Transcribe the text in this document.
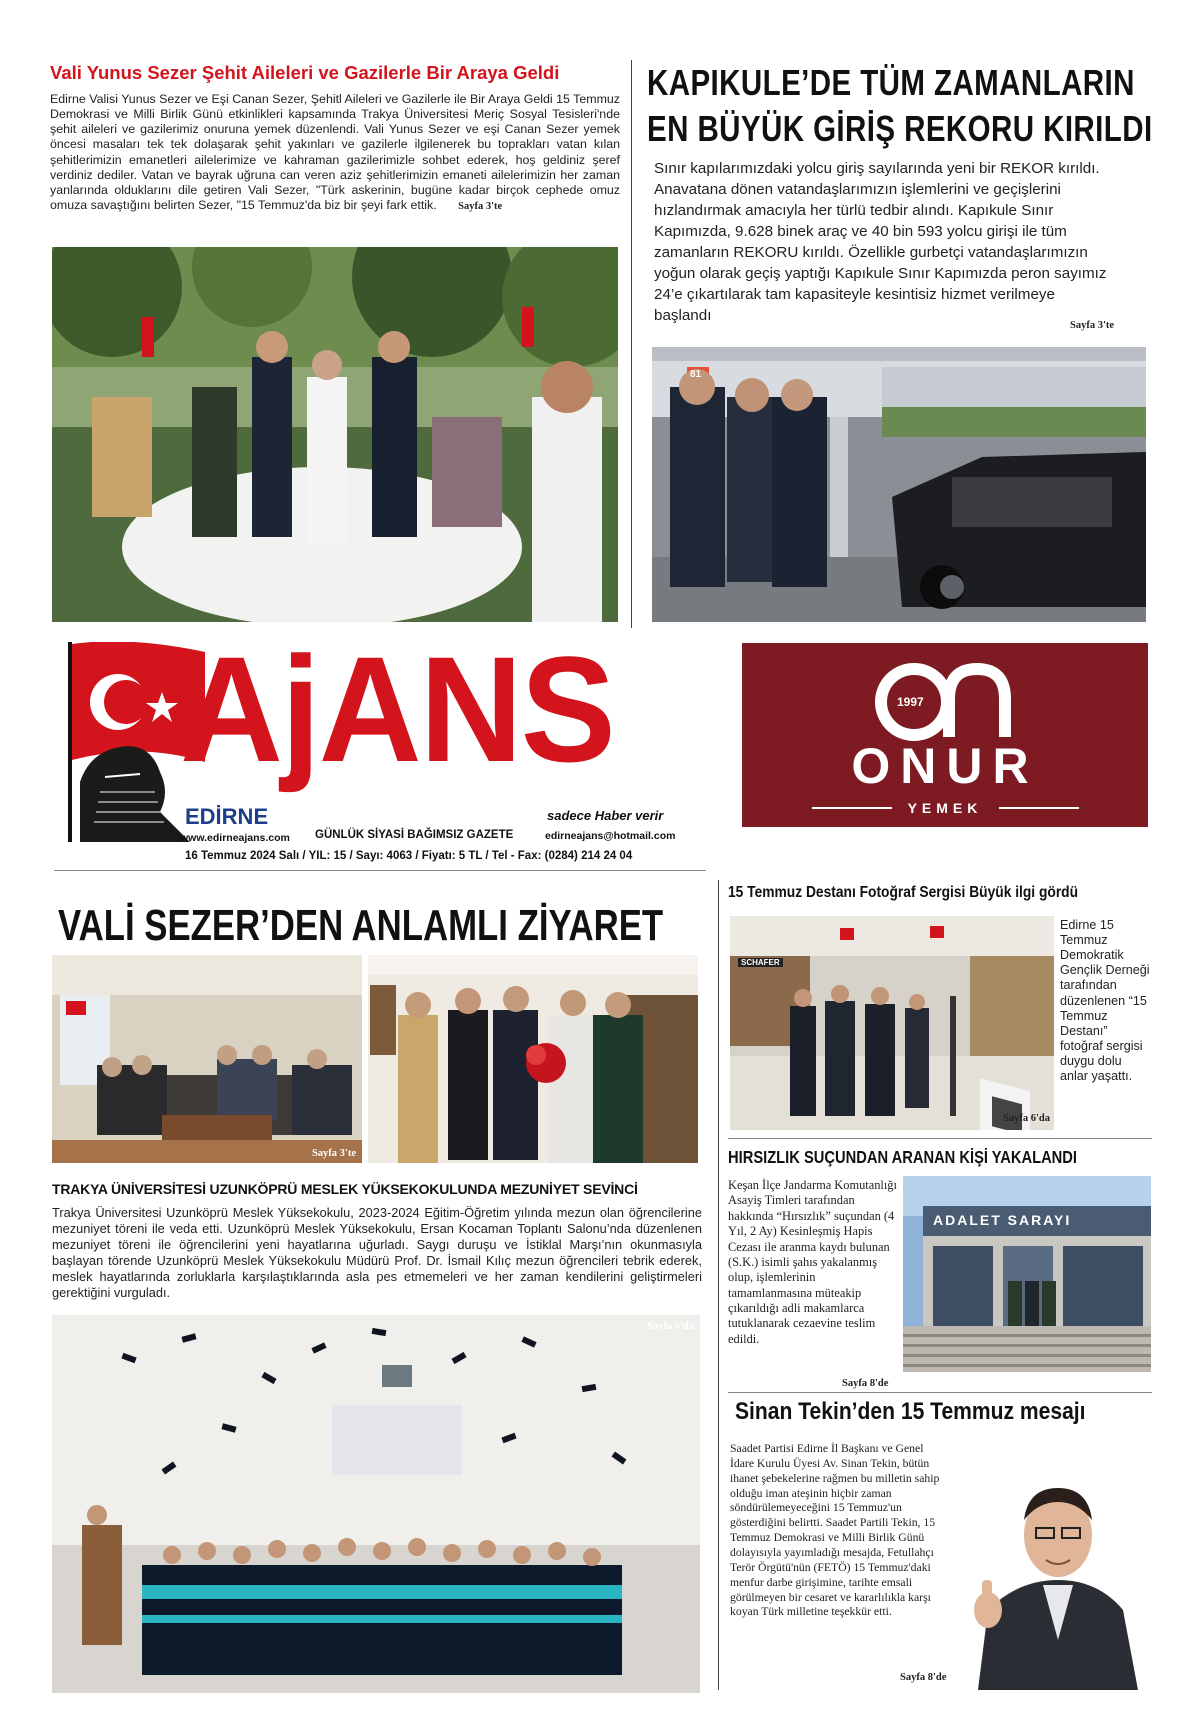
Vali Yunus Sezer Şehit Aileleri ve Gazilerle Bir Araya Geldi
Edirne Valisi Yunus Sezer ve Eşi Canan Sezer, Şehitl Aileleri ve Gazilerle ile Bir Araya Geldi 15 Temmuz Demokrasi ve Milli Birlik Günü etkinlikleri kapsamında Trakya Üniversitesi Meriç Sosyal Tesisleri'nde şehit aileleri ve gazilerimiz onuruna yemek düzenlendi. Vali Yunus Sezer ve eşi Canan Sezer yemek öncesi masaları tek tek dolaşarak şehit yakınları ve gazilerle ilgilenerek bu toprakları vatan kılan şehitlerimizin emanetleri ailelerimize ve kahraman gazilerimizle sohbet ederek, hoş geldiniz şeref verdiniz dediler. Vatan ve bayrak uğruna can veren aziz şehitlerimizin emaneti ailelerimizin her zaman yanlarında olduklarını dile getiren Vali Sezer, "Türk askerinin, bugüne kadar birçok cephede omuz omuza savaştığını belirten Sezer, "15 Temmuz'da biz bir şeyi fark ettik. Sayfa 3'te
KAPIKULE’DE TÜM ZAMANLARIN
EN BÜYÜK GİRİŞ REKORU KIRILDI
Sınır kapılarımızdaki yolcu giriş sayılarında yeni bir REKOR kırıldı. Anavatana dönen vatandaşlarımızın işlemlerini ve geçişlerini hızlandırmak amacıyla her türlü tedbir alındı. Kapıkule Sınır Kapımızda, 9.628 binek araç ve 40 bin 593 yolcu girişi ile tüm zamanların REKORU kırıldı. Özellikle gurbetçi vatandaşlarımızın yoğun olarak geçiş yaptığı Kapıkule Sınır Kapımızda peron sayımız 24’e çıkartılarak tam kapasiteyle kesintisiz hizmet verilmeye başlandı
Sayfa 3'te
81
AjANS
EDİRNE
www.edirneajans.com GÜNLÜK SİYASİ BAĞIMSIZ GAZETE
sadece Haber verir
edirneajans@hotmail.com
16 Temmuz 2024 Salı / YIL: 15 / Sayı: 4063 / Fiyatı: 5 TL / Tel - Fax: (0284) 214 24 04
1997
ONUR
YEMEK
VALİ SEZER’DEN ANLAMLI ZİYARET
Sayfa 3'te
TRAKYA ÜNİVERSİTESİ UZUNKÖPRÜ MESLEK YÜKSEKOKULUNDA MEZUNİYET SEVİNCİ
Trakya Üniversitesi Uzunköprü Meslek Yüksekokulu, 2023-2024 Eğitim-Öğretim yılında mezun olan öğrencilerine mezuniyet töreni ile veda etti. Uzunköprü Meslek Yüksekokulu, Ersan Kocaman Toplantı Salonu’nda düzenlenen mezuniyet töreni ile öğrencilerini yeni hayatlarına uğurladı. Saygı duruşu ve İstiklal Marşı’nın okunmasıyla başlayan törende Uzunköprü Meslek Yüksekokulu Müdürü Prof. Dr. İsmail Kılıç mezun öğrencileri tebrik ederek, meslek hayatlarında zorluklarla karşılaştıklarında asla pes etmemeleri ve her zaman kendilerini geliştirmeleri gerektiğini vurguladı.
Sayfa 6'da
15 Temmuz Destanı Fotoğraf Sergisi Büyük ilgi gördü
SCHAFER
Sayfa 6'da
Edirne 15 Temmuz Demokratik Gençlik Derneği tarafından düzenlenen “15 Temmuz Destanı” fotoğraf sergisi duygu dolu anlar yaşattı.
HIRSIZLIK SUÇUNDAN ARANAN KİŞİ YAKALANDI
Keşan İlçe Jandarma Komutanlığı Asayiş Timleri tarafından hakkında “Hırsızlık” suçundan (4 Yıl, 2 Ay) Kesinleşmiş Hapis Cezası ile aranma kaydı bulunan (S.K.) isimli şahıs yakalanmış olup, işlemlerinin tamamlanmasına müteakip çıkarıldığı adli makamlarca tutuklanarak cezaevine teslim edildi.
Sayfa 8'de
ADALET SARAYI
Sinan Tekin’den 15 Temmuz mesajı
Saadet Partisi Edirne İl Başkanı ve Genel İdare Kurulu Üyesi Av. Sinan Tekin, bütün ihanet şebekelerine rağmen bu milletin sahip olduğu iman ateşinin hiçbir zaman söndürülemeyeceğini 15 Temmuz'un gösterdiğini belirtti. Saadet Partili Tekin, 15 Temmuz Demokrasi ve Milli Birlik Günü dolayısıyla yayımladığı mesajda, Fetullahçı Terör Örgütü'nün (FETÖ) 15 Temmuz'daki menfur darbe girişimine, tarihte emsali görülmeyen bir cesaret ve kararlılıkla karşı koyan Türk milletine teşekkür etti.
Sayfa 8'de
